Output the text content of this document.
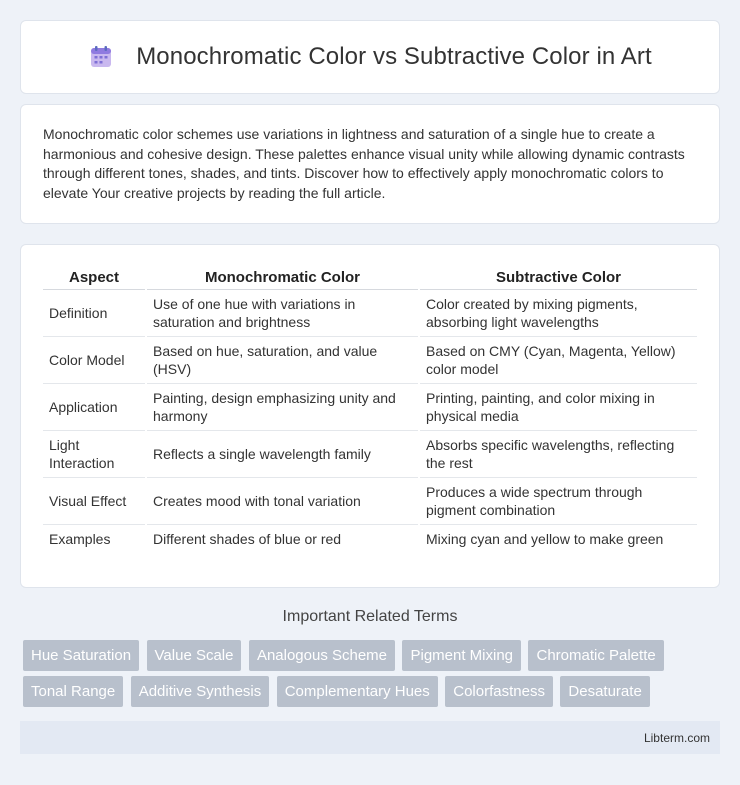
Monochromatic Color vs Subtractive Color in Art

Monochromatic color schemes use variations in lightness and saturation of a single hue to create a harmonious and cohesive design. These palettes enhance visual unity while allowing dynamic contrasts through different tones, shades, and tints. Discover how to effectively apply monochromatic colors to elevate Your creative projects by reading the full article.

Aspect	Monochromatic Color	Subtractive Color
Definition	Use of one hue with variations in saturation and brightness	Color created by mixing pigments, absorbing light wavelengths
Color Model	Based on hue, saturation, and value (HSV)	Based on CMY (Cyan, Magenta, Yellow) color model
Application	Painting, design emphasizing unity and harmony	Printing, painting, and color mixing in physical media
Light Interaction	Reflects a single wavelength family	Absorbs specific wavelengths, reflecting the rest
Visual Effect	Creates mood with tonal variation	Produces a wide spectrum through pigment combination
Examples	Different shades of blue or red	Mixing cyan and yellow to make green
Important Related Terms
Hue Saturation Value Scale Analogous Scheme Pigment Mixing Chromatic Palette Tonal Range Additive Synthesis Complementary Hues Colorfastness Desaturate
Libterm.com
